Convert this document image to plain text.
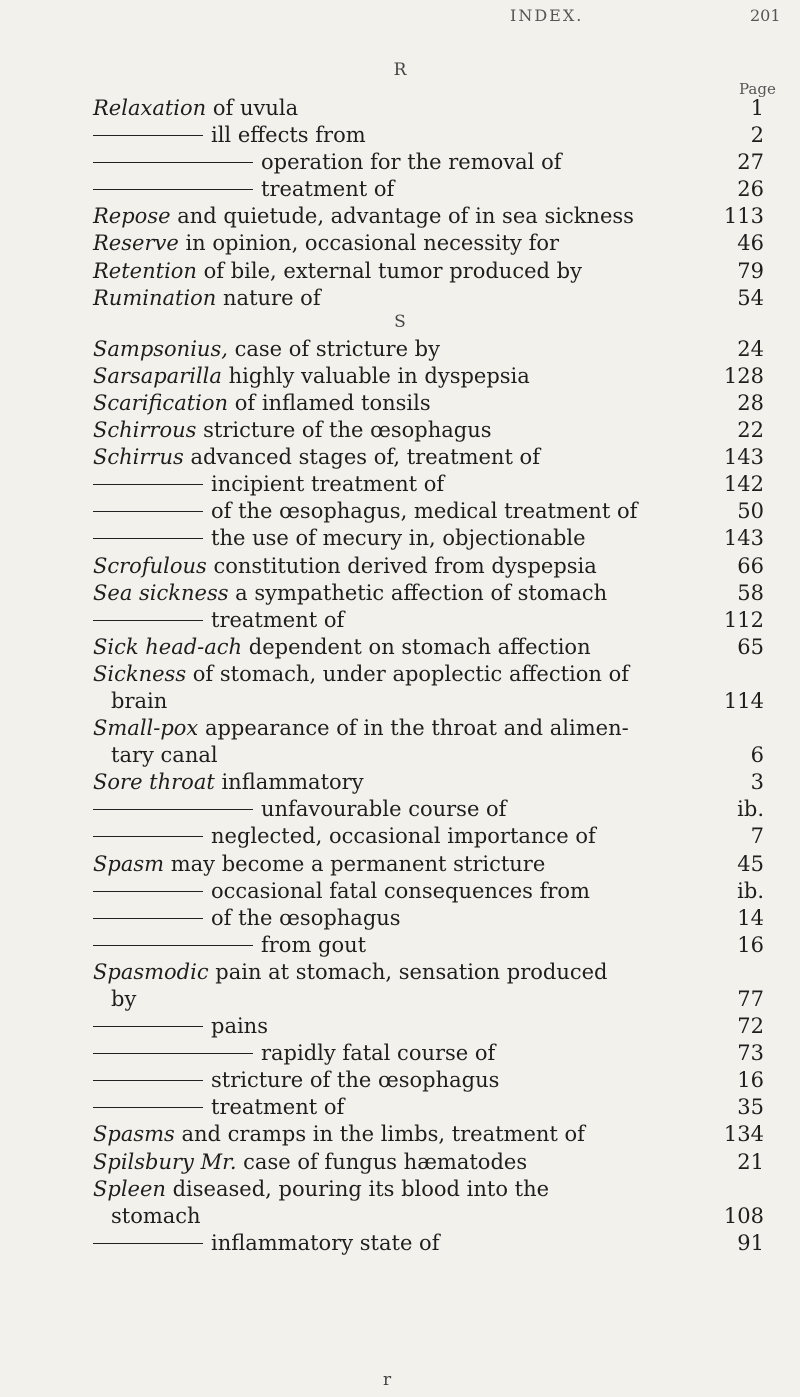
INDEX.	201
R
Page
S
Relaxation of uvula	1
ill effects from	2
operation for the removal of	27
treatment of	26
Repose and quietude, advantage of in sea sickness	113
Reserve in opinion, occasional necessity for	46
Retention of bile, external tumor produced by	79
Rumination nature of	54
Sampsonius, case of stricture by	24
Sarsaparilla highly valuable in dyspepsia	128
Scarification of inflamed tonsils	28
Schirrous stricture of the œsophagus	22
Schirrus advanced stages of, treatment of	143
incipient treatment of	142
of the œsophagus, medical treatment of	50
the use of mecury in, objectionable	143
Scrofulous constitution derived from dyspepsia	66
Sea sickness a sympathetic affection of stomach	58
treatment of	112
Sick head-ach dependent on stomach affection	65
Sickness of stomach, under apoplectic affection of
brain	114
Small-pox appearance of in the throat and alimen-
tary canal	6
Sore throat inflammatory	3
unfavourable course of	ib.
neglected, occasional importance of	7
Spasm may become a permanent stricture	45
occasional fatal consequences from	ib.
of the œsophagus	14
from gout	16
Spasmodic pain at stomach, sensation produced
by	77
pains	72
rapidly fatal course of	73
stricture of the œsophagus	16
treatment of	35
Spasms and cramps in the limbs, treatment of	134
Spilsbury Mr. case of fungus hæmatodes	21
Spleen diseased, pouring its blood into the
stomach	108
inflammatory state of	91
r
